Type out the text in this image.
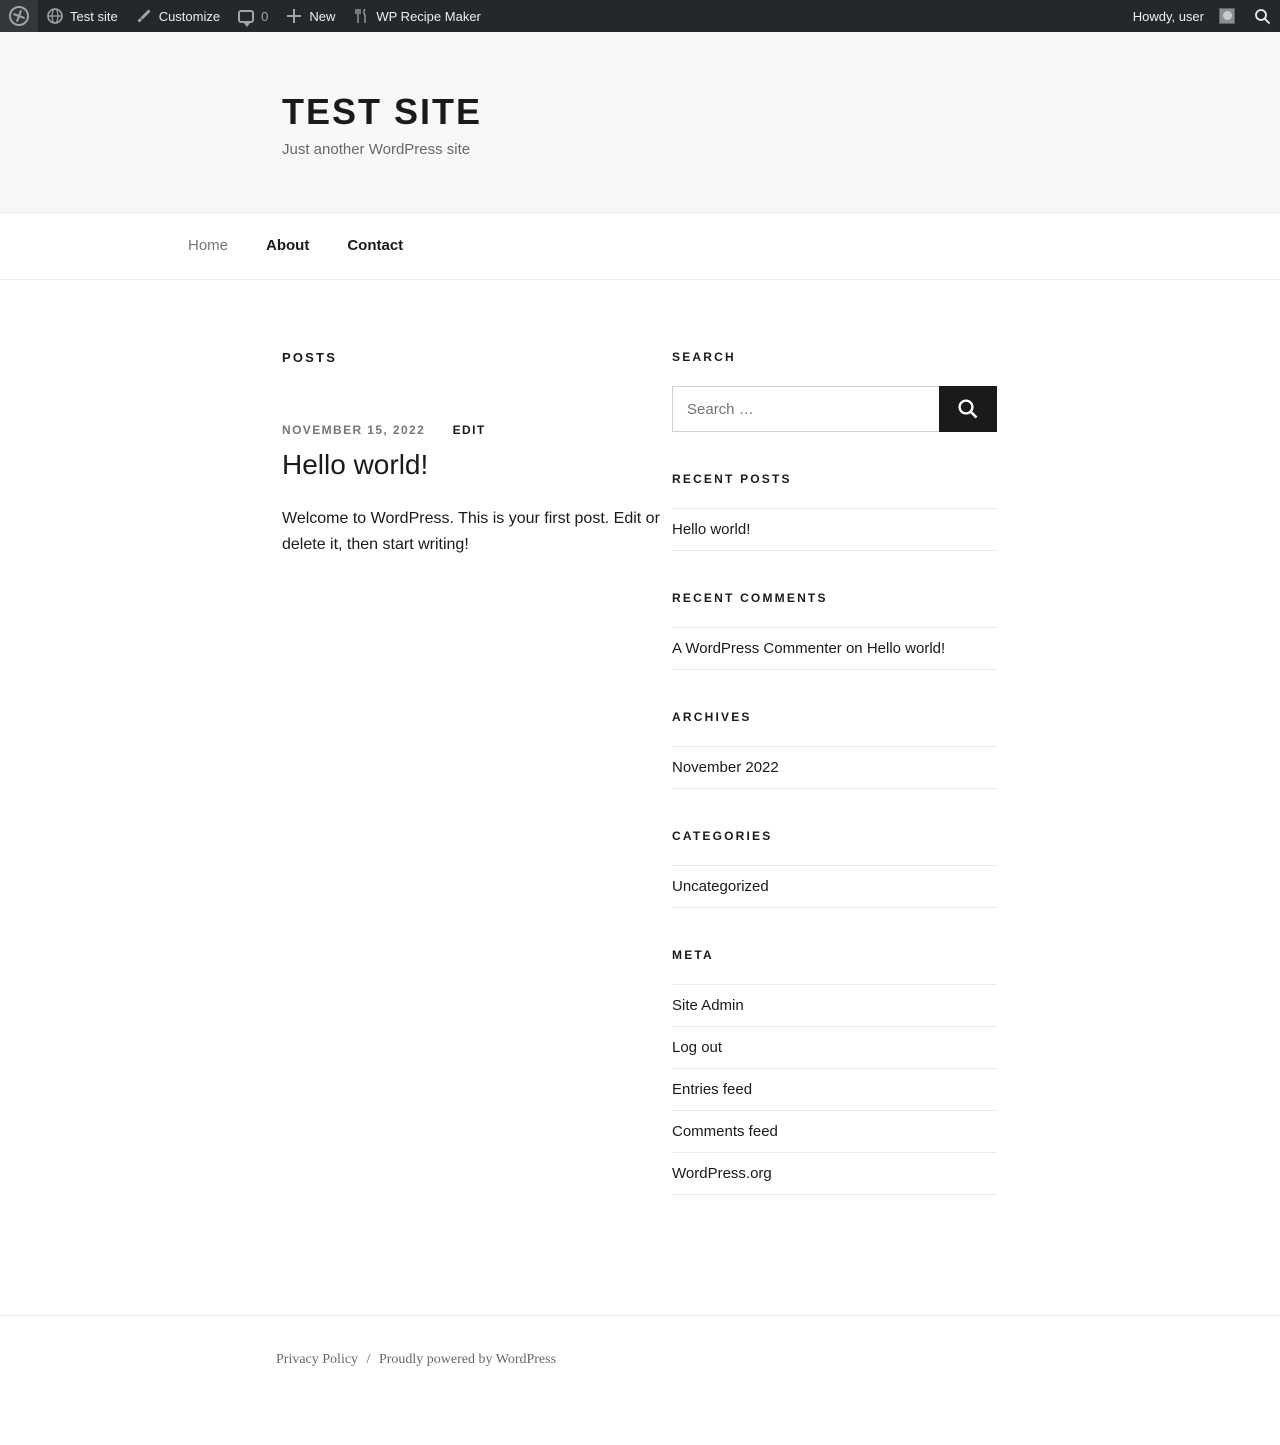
Test site	Customize	0	New	WP Recipe Maker	Howdy, user
TEST SITE

Just another WordPress site

Home	About	Contact
POSTS
NOVEMBER 15, 2022 EDIT
Hello world!

Welcome to WordPress. This is your first post. Edit or delete it, then start writing!

SEARCH
Search …
RECENT POSTS
Hello world!
RECENT COMMENTS
A WordPress Commenter on Hello world!
ARCHIVES
November 2022
CATEGORIES
Uncategorized
META
Site Admin
Log out
Entries feed
Comments feed
WordPress.org
Privacy Policy / Proudly powered by WordPress
